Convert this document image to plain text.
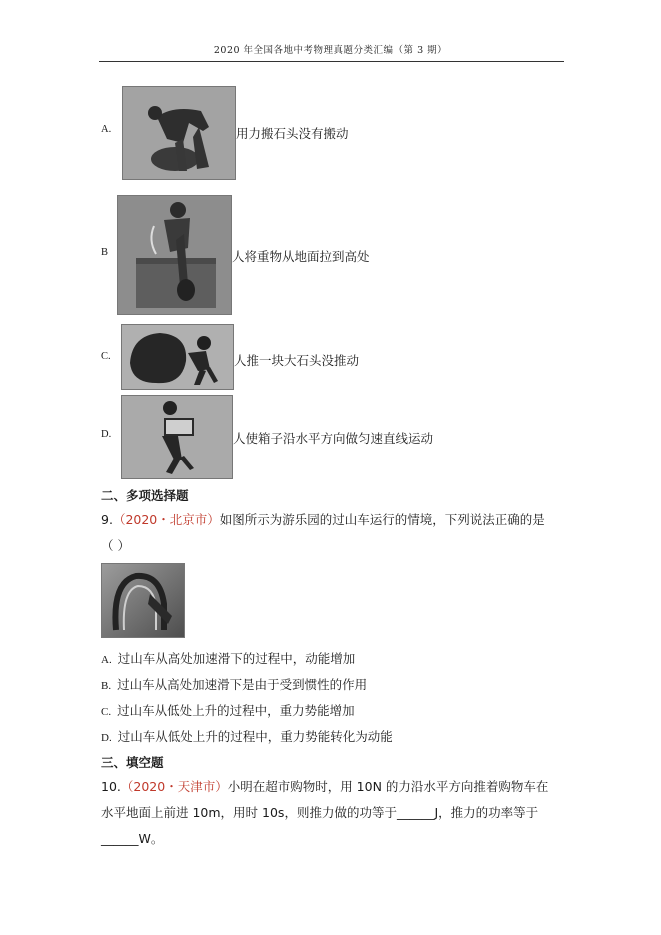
2020 年全国各地中考物理真题分类汇编（第 3 期）
A.	用力搬石头没有搬动
B	人将重物从地面拉到高处
C.	人推一块大石头没推动
D.	人使箱子沿水平方向做匀速直线运动
二、多项选择题
9.（2020・北京市）如图所示为游乐园的过山车运行的情境，下列说法正确的是
（ ）
A. 过山车从高处加速滑下的过程中，动能增加
B. 过山车从高处加速滑下是由于受到惯性的作用
C. 过山车从低处上升的过程中，重力势能增加
D. 过山车从低处上升的过程中，重力势能转化为动能
三、填空题
10.（2020・天津市）小明在超市购物时，用 10N 的力沿水平方向推着购物车在
水平地面上前进 10m，用时 10s，则推力做的功等于______J，推力的功率等于
______W。
